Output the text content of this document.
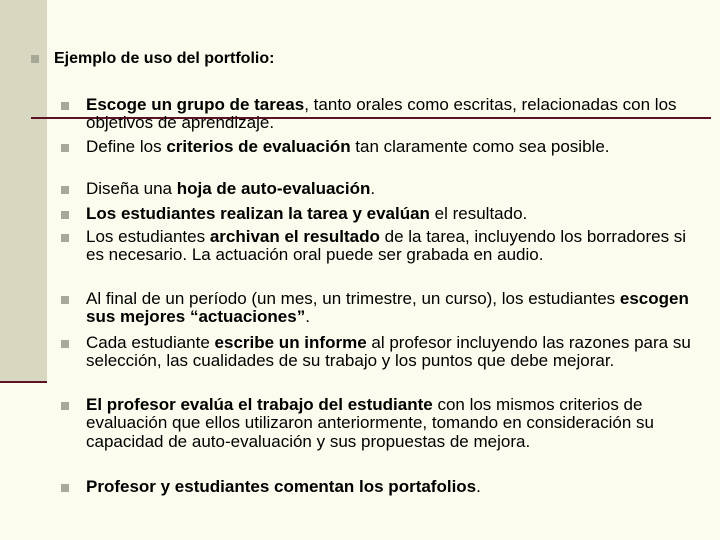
Ejemplo de uso del portfolio:
Escoge un grupo de tareas, tanto orales como escritas, relacionadas con los objetivos de aprendizaje.
Define los criterios de evaluación tan claramente como sea posible.
Diseña una hoja de auto-evaluación.
Los estudiantes realizan la tarea y evalúan el resultado.
Los estudiantes archivan el resultado de la tarea, incluyendo los borradores si es necesario. La actuación oral puede ser grabada en audio.
Al final de un período (un mes, un trimestre, un curso), los estudiantes escogen sus mejores “actuaciones”.
Cada estudiante escribe un informe al profesor incluyendo las razones para su selección, las cualidades de su trabajo y los puntos que debe mejorar.
El profesor evalúa el trabajo del estudiante con los mismos criterios de evaluación que ellos utilizaron anteriormente, tomando en consideración su capacidad de auto-evaluación y sus propuestas de mejora.
Profesor y estudiantes comentan los portafolios.
